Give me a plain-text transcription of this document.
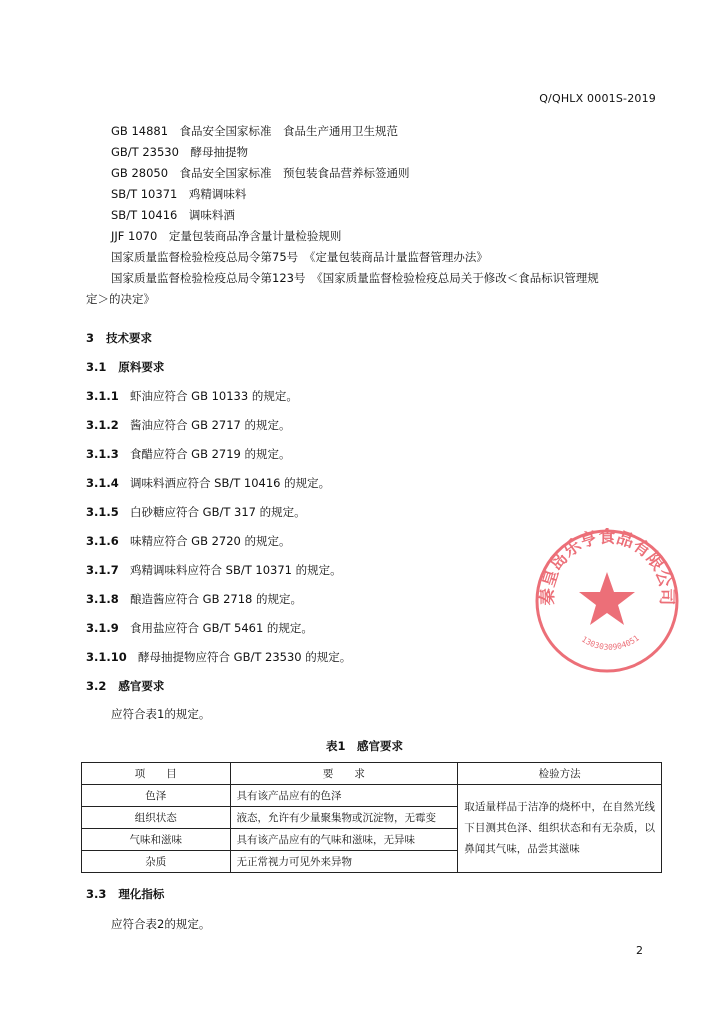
Q/QHLX 0001S-2019
GB 14881　食品安全国家标准　食品生产通用卫生规范
GB/T 23530　酵母抽提物
GB 28050　食品安全国家标准　预包装食品营养标签通则
SB/T 10371　鸡精调味料
SB/T 10416　调味料酒
JJF 1070　定量包装商品净含量计量检验规则
国家质量监督检验检疫总局令第75号　《定量包装商品计量监督管理办法》
国家质量监督检验检疫总局令第123号　《国家质量监督检验检疫总局关于修改＜食品标识管理规
定＞的决定》
3 技术要求
3.1 原料要求
3.1.1 虾油应符合 GB 10133 的规定。
3.1.2 酱油应符合 GB 2717 的规定。
3.1.3 食醋应符合 GB 2719 的规定。
3.1.4 调味料酒应符合 SB/T 10416 的规定。
3.1.5 白砂糖应符合 GB/T 317 的规定。
3.1.6 味精应符合 GB 2720 的规定。
3.1.7 鸡精调味料应符合 SB/T 10371 的规定。
3.1.8 酿造酱应符合 GB 2718 的规定。
3.1.9 食用盐应符合 GB/T 5461 的规定。
3.1.10 酵母抽提物应符合 GB/T 23530 的规定。
3.2 感官要求
应符合表1的规定。
表1　感官要求
项　　目	要　　求	检验方法
色泽	具有该产品应有的色泽	取适量样品于洁净的烧杯中，在自然光线下目测其色泽、组织状态和有无杂质，以鼻闻其气味，品尝其滋味
组织状态	液态，允许有少量聚集物或沉淀物，无霉变	
气味和滋味	具有该产品应有的气味和滋味，无异味	
杂质	无正常视力可见外来异物	
3.3 理化指标
应符合表2的规定。
2
秦皇岛乐亨食品有限公司
1303030904051
